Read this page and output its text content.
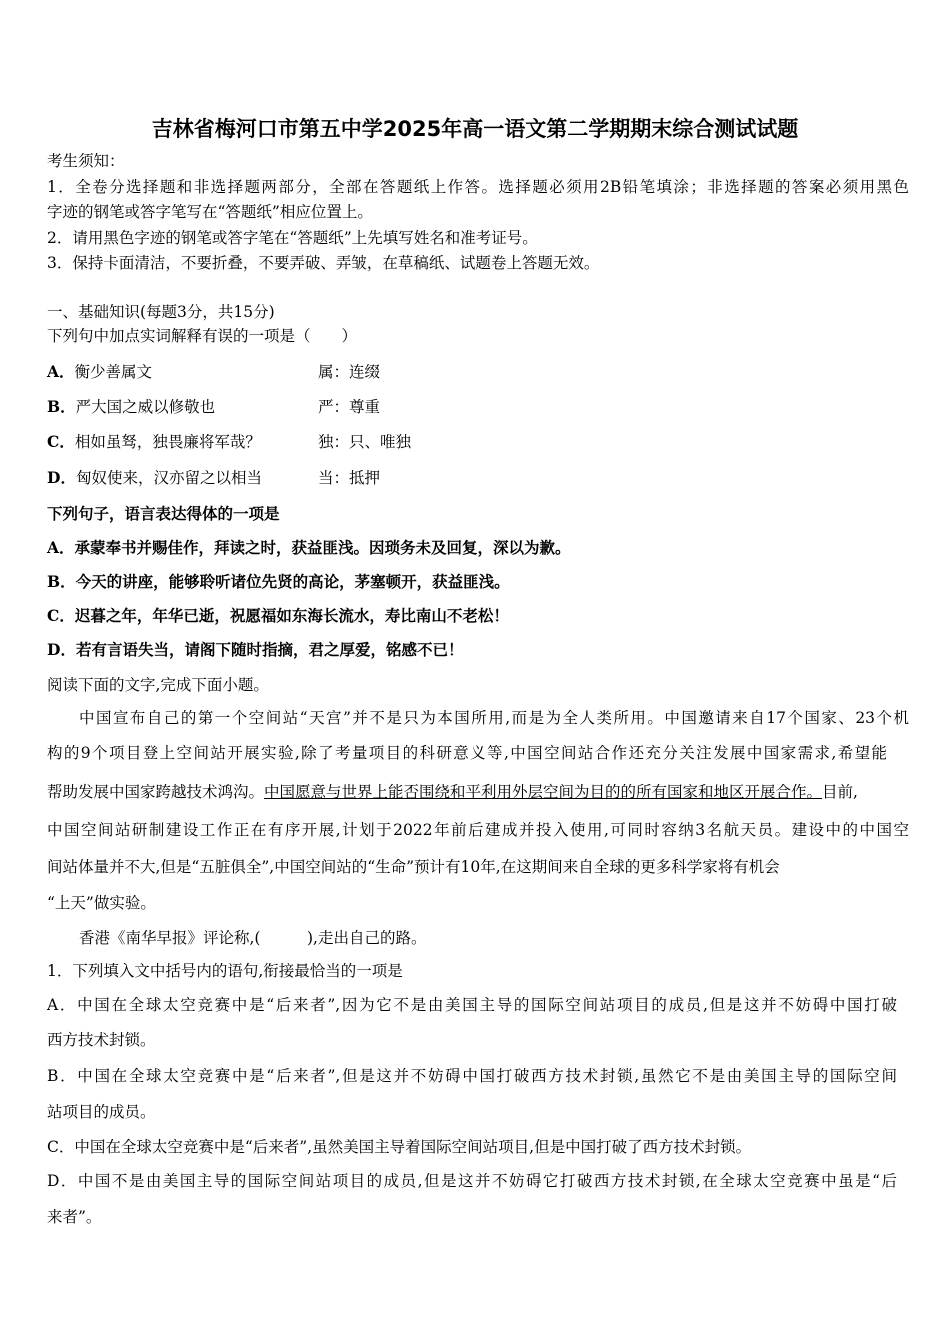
吉林省梅河口市第五中学2025年高一语文第二学期期末综合测试试题
考生须知：
1．全卷分选择题和非选择题两部分，全部在答题纸上作答。选择题必须用2B铅笔填涂；非选择题的答案必须用黑色
字迹的钢笔或答字笔写在“答题纸”相应位置上。
2．请用黑色字迹的钢笔或答字笔在“答题纸”上先填写姓名和准考证号。
3．保持卡面清洁，不要折叠，不要弄破、弄皱，在草稿纸、试题卷上答题无效。
一、基础知识(每题3分，共15分)
下列句中加点实词解释有误的一项是（　　）
A．衡少善属文	属：连缀
B．严大国之威以修敬也	严：尊重
C．相如虽驽，独畏廉将军哉？	独：只、唯独
D．匈奴使来，汉亦留之以相当	当：抵押
下列句子，语言表达得体的一项是
A．承蒙奉书并赐佳作，拜读之时，获益匪浅。因琐务未及回复，深以为歉。
B．今天的讲座，能够聆听诸位先贤的高论，茅塞顿开，获益匪浅。
C．迟暮之年，年华已逝，祝愿福如东海长流水，寿比南山不老松！
D．若有言语失当，请阁下随时指摘，君之厚爱，铭感不已！
阅读下面的文字,完成下面小题。
中国宣布自己的第一个空间站“天宫”并不是只为本国所用,而是为全人类所用。中国邀请来自17个国家、23个机
构的9个项目登上空间站开展实验,除了考量项目的科研意义等,中国空间站合作还充分关注发展中国家需求,希望能
帮助发展中国家跨越技术鸿沟。中国愿意与世界上能否围绕和平利用外层空间为目的的所有国家和地区开展合作。目前,
中国空间站研制建设工作正在有序开展,计划于2022年前后建成并投入使用,可同时容纳3名航天员。建设中的中国空
间站体量并不大,但是“五脏俱全”,中国空间站的“生命”预计有10年,在这期间来自全球的更多科学家将有机会
“上天”做实验。
香港《南华早报》评论称,(　　　),走出自己的路。
1．下列填入文中括号内的语句,衔接最恰当的一项是
A．中国在全球太空竞赛中是“后来者”,因为它不是由美国主导的国际空间站项目的成员,但是这并不妨碍中国打破
西方技术封锁。
B．中国在全球太空竞赛中是“后来者”,但是这并不妨碍中国打破西方技术封锁,虽然它不是由美国主导的国际空间
站项目的成员。
C．中国在全球太空竞赛中是“后来者”,虽然美国主导着国际空间站项目,但是中国打破了西方技术封锁。
D．中国不是由美国主导的国际空间站项目的成员,但是这并不妨碍它打破西方技术封锁,在全球太空竞赛中虽是“后
来者”。
